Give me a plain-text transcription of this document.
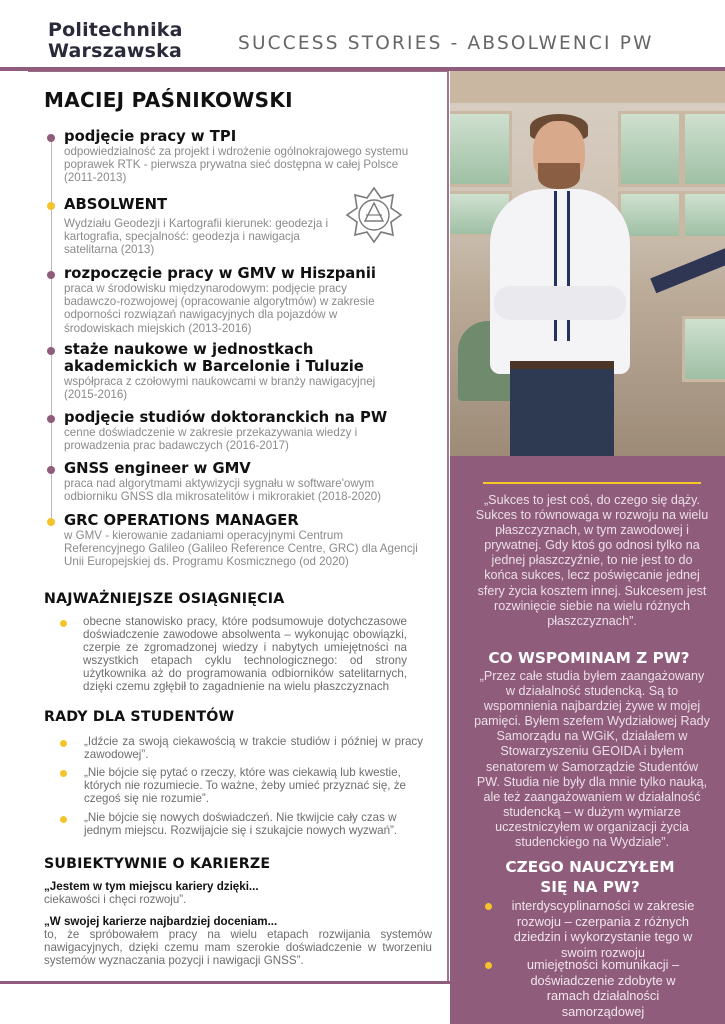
Politechnika
Warszawska	SUCCESS STORIES - ABSOLWENCI PW
„Sukces to jest coś, do czego się dąży. Sukces to równowaga w rozwoju na wielu płaszczyznach, w tym zawodowej i prywatnej. Gdy ktoś go odnosi tylko na jednej płaszczyźnie, to nie jest to do końca sukces, lecz poświęcanie jednej sfery życia kosztem innej. Sukcesem jest rozwinięcie siebie na wielu różnych płaszczyznach”.
CO WSPOMINAM Z PW?
„Przez całe studia byłem zaangażowany w działalność studencką. Są to wspomnienia najbardziej żywe w mojej pamięci. Byłem szefem Wydziałowej Rady Samorządu na WGiK, działałem w Stowarzyszeniu GEOIDA i byłem senatorem w Samorządzie Studentów PW. Studia nie były dla mnie tylko nauką, ale też zaangażowaniem w działalność studencką – w dużym wymiarze uczestniczyłem w organizacji życia studenckiego na Wydziale”.
CZEGO NAUCZYŁEM SIĘ NA PW?
interdyscyplinarności w zakresie rozwoju – czerpania z różnych dziedzin i wykorzystanie tego w swoim rozwoju
umiejętności komunikacji – doświadczenie zdobyte w ramach działalności samorządowej
MACIEJ PAŚNIKOWSKI
podjęcie pracy w TPI
odpowiedzialność za projekt i wdrożenie ogólnokrajowego systemu poprawek RTK - pierwsza prywatna sieć dostępna w całej Polsce (2011-2013)
ABSOLWENT
Wydziału Geodezji i Kartografii kierunek: geodezja i kartografia, specjalność: geodezja i nawigacja satelitarna (2013)
rozpoczęcie pracy w GMV w Hiszpanii
praca w środowisku międzynarodowym: podjęcie pracy badawczo-rozwojowej (opracowanie algorytmów) w zakresie odporności rozwiązań nawigacyjnych dla pojazdów w środowiskach miejskich (2013-2016)
staże naukowe w jednostkach akademickich w Barcelonie i Tuluzie
współpraca z czołowymi naukowcami w branży nawigacyjnej (2015-2016)
podjęcie studiów doktoranckich na PW
cenne doświadczenie w zakresie przekazywania wiedzy i prowadzenia prac badawczych (2016-2017)
GNSS engineer w GMV
praca nad algorytmami aktywizycji sygnału w software'owym odbiorniku GNSS dla mikrosatelitów i mikrorakiet (2018-2020)
GRC OPERATIONS MANAGER
w GMV - kierowanie zadaniami operacyjnymi Centrum Referencyjnego Galileo (Galileo Reference Centre, GRC) dla Agencji Unii Europejskiej ds. Programu Kosmicznego (od 2020)
NAJWAŻNIEJSZE OSIĄGNIĘCIA
obecne stanowisko pracy, które podsumowuje dotychczasowe doświadczenie zawodowe absolwenta – wykonując obowiązki, czerpie ze zgromadzonej wiedzy i nabytych umiejętności na wszystkich etapach cyklu technologicznego: od strony użytkownika aż do programowania odbiorników satelitarnych, dzięki czemu zgłębił to zagadnienie na wielu płaszczyznach
RADY DLA STUDENTÓW
„Idźcie za swoją ciekawością w trakcie studiów i później w pracy zawodowej”.
„Nie bójcie się pytać o rzeczy, które was ciekawią lub kwestie, których nie rozumiecie. To ważne, żeby umieć przyznać się, że czegoś się nie rozumie”.
„Nie bójcie się nowych doświadczeń. Nie tkwijcie cały czas w jednym miejscu. Rozwijajcie się i szukajcie nowych wyzwań”.
SUBIEKTYWNIE O KARIERZE
„Jestem w tym miejscu kariery dzięki...
ciekawości i chęci rozwoju”.
„W swojej karierze najbardziej doceniam...
to, że spróbowałem pracy na wielu etapach rozwijania systemów nawigacyjnych, dzięki czemu mam szerokie doświadczenie w tworzeniu systemów wyznaczania pozycji i nawigacji GNSS”.
